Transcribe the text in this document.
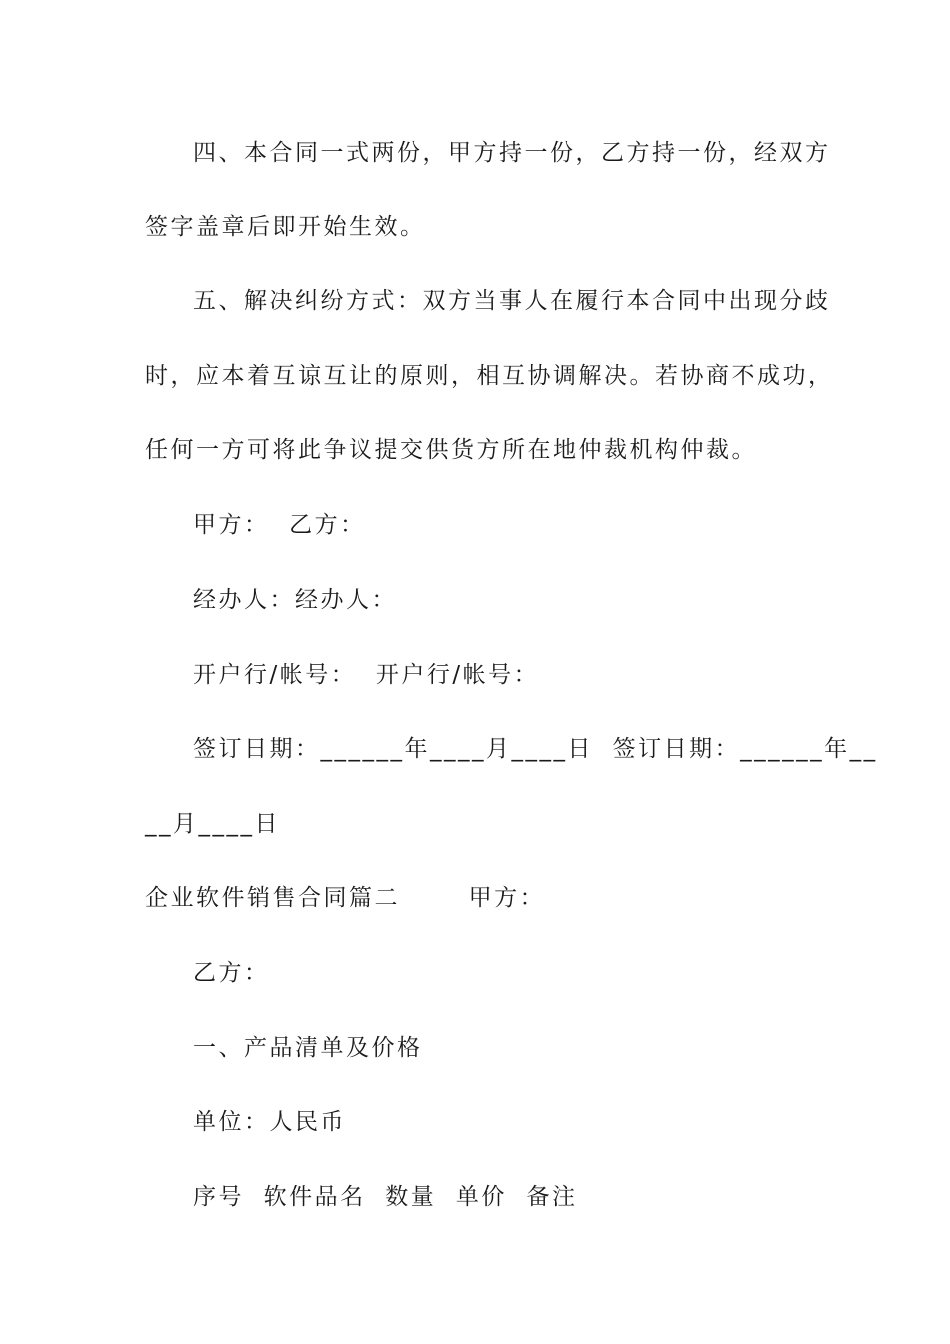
四、本合同一式两份，甲方持一份，乙方持一份，经双方
签字盖章后即开始生效。
五、解决纠纷方式：双方当事人在履行本合同中出现分歧
时，应本着互谅互让的原则，相互协调解决。若协商不成功，
任何一方可将此争议提交供货方所在地仲裁机构仲裁。
甲方：  乙方：
经办人：经办人：
开户行/帐号：  开户行/帐号：
签订日期：______年____月____日  签订日期：______年__
__月____日
企业软件销售合同篇二       甲方：
乙方：
一、产品清单及价格
单位：人民币
序号  软件品名  数量  单价  备注
